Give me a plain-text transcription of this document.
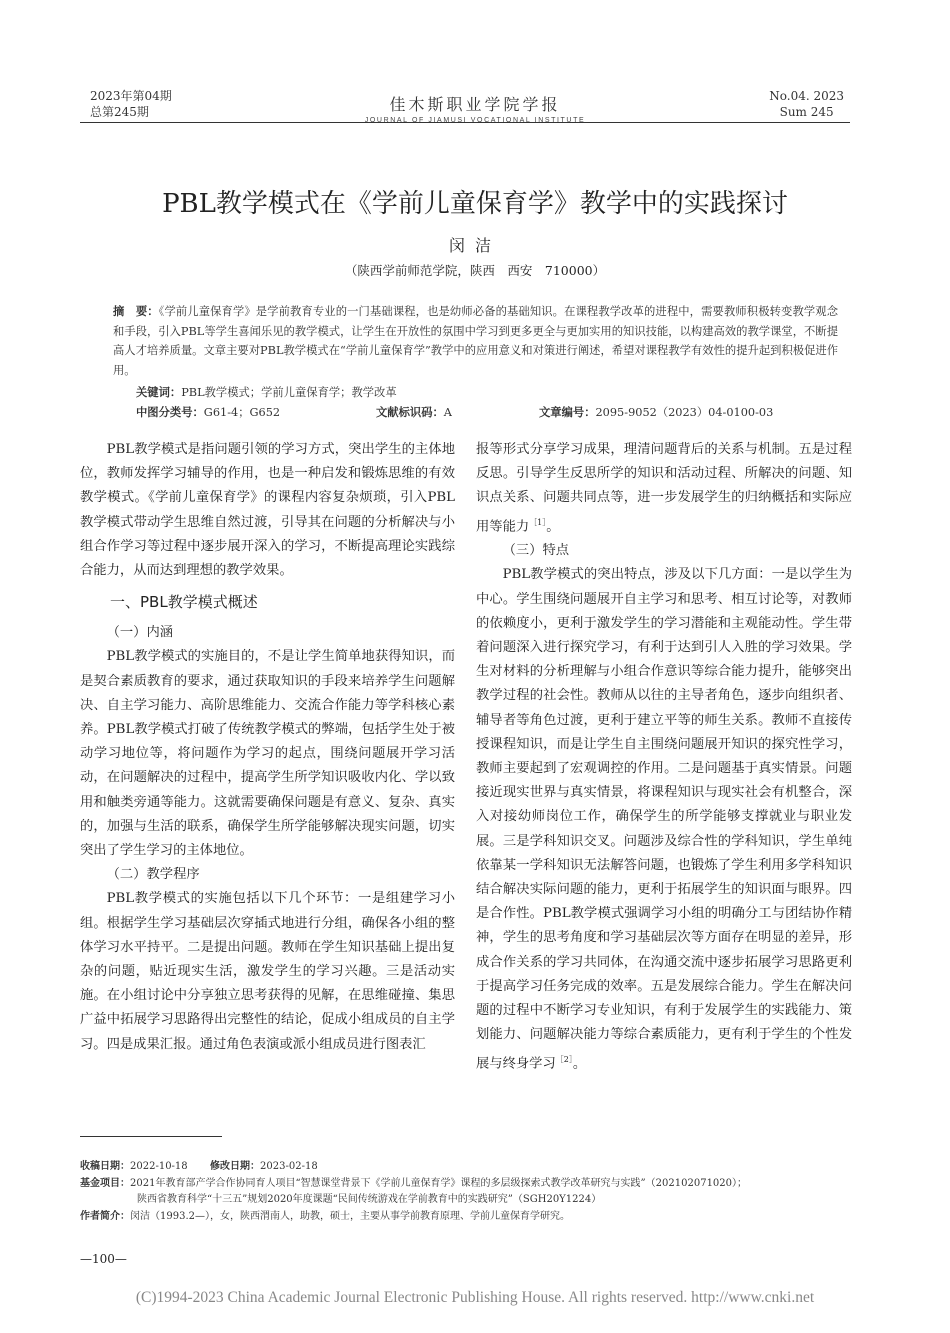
2023年第04期
总第245期	佳木斯职业学院学报
JOURNAL OF JIAMUSI VOCATIONAL INSTITUTE
No.04. 2023
Sum 245
PBL教学模式在《学前儿童保育学》教学中的实践探讨
闵洁
（陕西学前师范学院，陕西　西安　710000）
摘　要：《学前儿童保育学》是学前教育专业的一门基础课程，也是幼师必备的基础知识。在课程教学改革的进程中，需要教师积极转变教学观念和手段，引入PBL等学生喜闻乐见的教学模式，让学生在开放性的氛围中学习到更多更全与更加实用的知识技能，以构建高效的教学课堂，不断提高人才培养质量。文章主要对PBL教学模式在“学前儿童保育学”教学中的应用意义和对策进行阐述，希望对课程教学有效性的提升起到积极促进作用。
关键词：PBL教学模式；学前儿童保育学；教学改革
中图分类号：G61-4；G652	文献标识码：A	文章编号：2095-9052（2023）04-0100-03

PBL教学模式是指问题引领的学习方式，突出学生的主体地位，教师发挥学习辅导的作用，也是一种启发和锻炼思维的有效教学模式。《学前儿童保育学》的课程内容复杂烦琐，引入PBL教学模式带动学生思维自然过渡，引导其在问题的分析解决与小组合作学习等过程中逐步展开深入的学习，不断提高理论实践综合能力，从而达到理想的教学效果。

一、PBL教学模式概述

（一）内涵

PBL教学模式的实施目的，不是让学生简单地获得知识，而是契合素质教育的要求，通过获取知识的手段来培养学生问题解决、自主学习能力、高阶思维能力、交流合作能力等学科核心素养。PBL教学模式打破了传统教学模式的弊端，包括学生处于被动学习地位等，将问题作为学习的起点，围绕问题展开学习活动，在问题解决的过程中，提高学生所学知识吸收内化、学以致用和触类旁通等能力。这就需要确保问题是有意义、复杂、真实的，加强与生活的联系，确保学生所学能够解决现实问题，切实突出了学生学习的主体地位。

（二）教学程序

PBL教学模式的实施包括以下几个环节：一是组建学习小组。根据学生学习基础层次穿插式地进行分组，确保各小组的整体学习水平持平。二是提出问题。教师在学生知识基础上提出复杂的问题，贴近现实生活，激发学生的学习兴趣。三是活动实施。在小组讨论中分享独立思考获得的见解，在思维碰撞、集思广益中拓展学习思路得出完整性的结论，促成小组成员的自主学习。四是成果汇报。通过角色表演或派小组成员进行图表汇

报等形式分享学习成果，理清问题背后的关系与机制。五是过程反思。引导学生反思所学的知识和活动过程、所解决的问题、知识点关系、问题共同点等，进一步发展学生的归纳概括和实际应用等能力$^{[1]}$。

（三）特点

PBL教学模式的突出特点，涉及以下几方面：一是以学生为中心。学生围绕问题展开自主学习和思考、相互讨论等，对教师的依赖度小，更利于激发学生的学习潜能和主观能动性。学生带着问题深入进行探究学习，有利于达到引人入胜的学习效果。学生对材料的分析理解与小组合作意识等综合能力提升，能够突出教学过程的社会性。教师从以往的主导者角色，逐步向组织者、辅导者等角色过渡，更利于建立平等的师生关系。教师不直接传授课程知识，而是让学生自主围绕问题展开知识的探究性学习，教师主要起到了宏观调控的作用。二是问题基于真实情景。问题接近现实世界与真实情景，将课程知识与现实社会有机整合，深入对接幼师岗位工作，确保学生的所学能够支撑就业与职业发展。三是学科知识交叉。问题涉及综合性的学科知识，学生单纯依靠某一学科知识无法解答问题，也锻炼了学生利用多学科知识结合解决实际问题的能力，更利于拓展学生的知识面与眼界。四是合作性。PBL教学模式强调学习小组的明确分工与团结协作精神，学生的思考角度和学习基础层次等方面存在明显的差异，形成合作关系的学习共同体，在沟通交流中逐步拓展学习思路更利于提高学习任务完成的效率。五是发展综合能力。学生在解决问题的过程中不断学习专业知识，有利于发展学生的实践能力、策划能力、问题解决能力等综合素质能力，更有利于学生的个性发展与终身学习$^{[2]}$。

收稿日期：2022-10-18 修改日期：2023-02-18
基金项目：2021年教育部产学合作协同育人项目“智慧课堂背景下《学前儿童保育学》课程的多层级探索式教学改革研究与实践”（202102071020）；
陕西省教育科学“十三五”规划2020年度课题“民间传统游戏在学前教育中的实践研究”（SGH20Y1224）
作者简介：闵洁（1993.2—），女，陕西渭南人，助教，硕士，主要从事学前教育原理、学前儿童保育学研究。
—100—
(C)1994-2023 China Academic Journal Electronic Publishing House. All rights reserved. http://www.cnki.net
